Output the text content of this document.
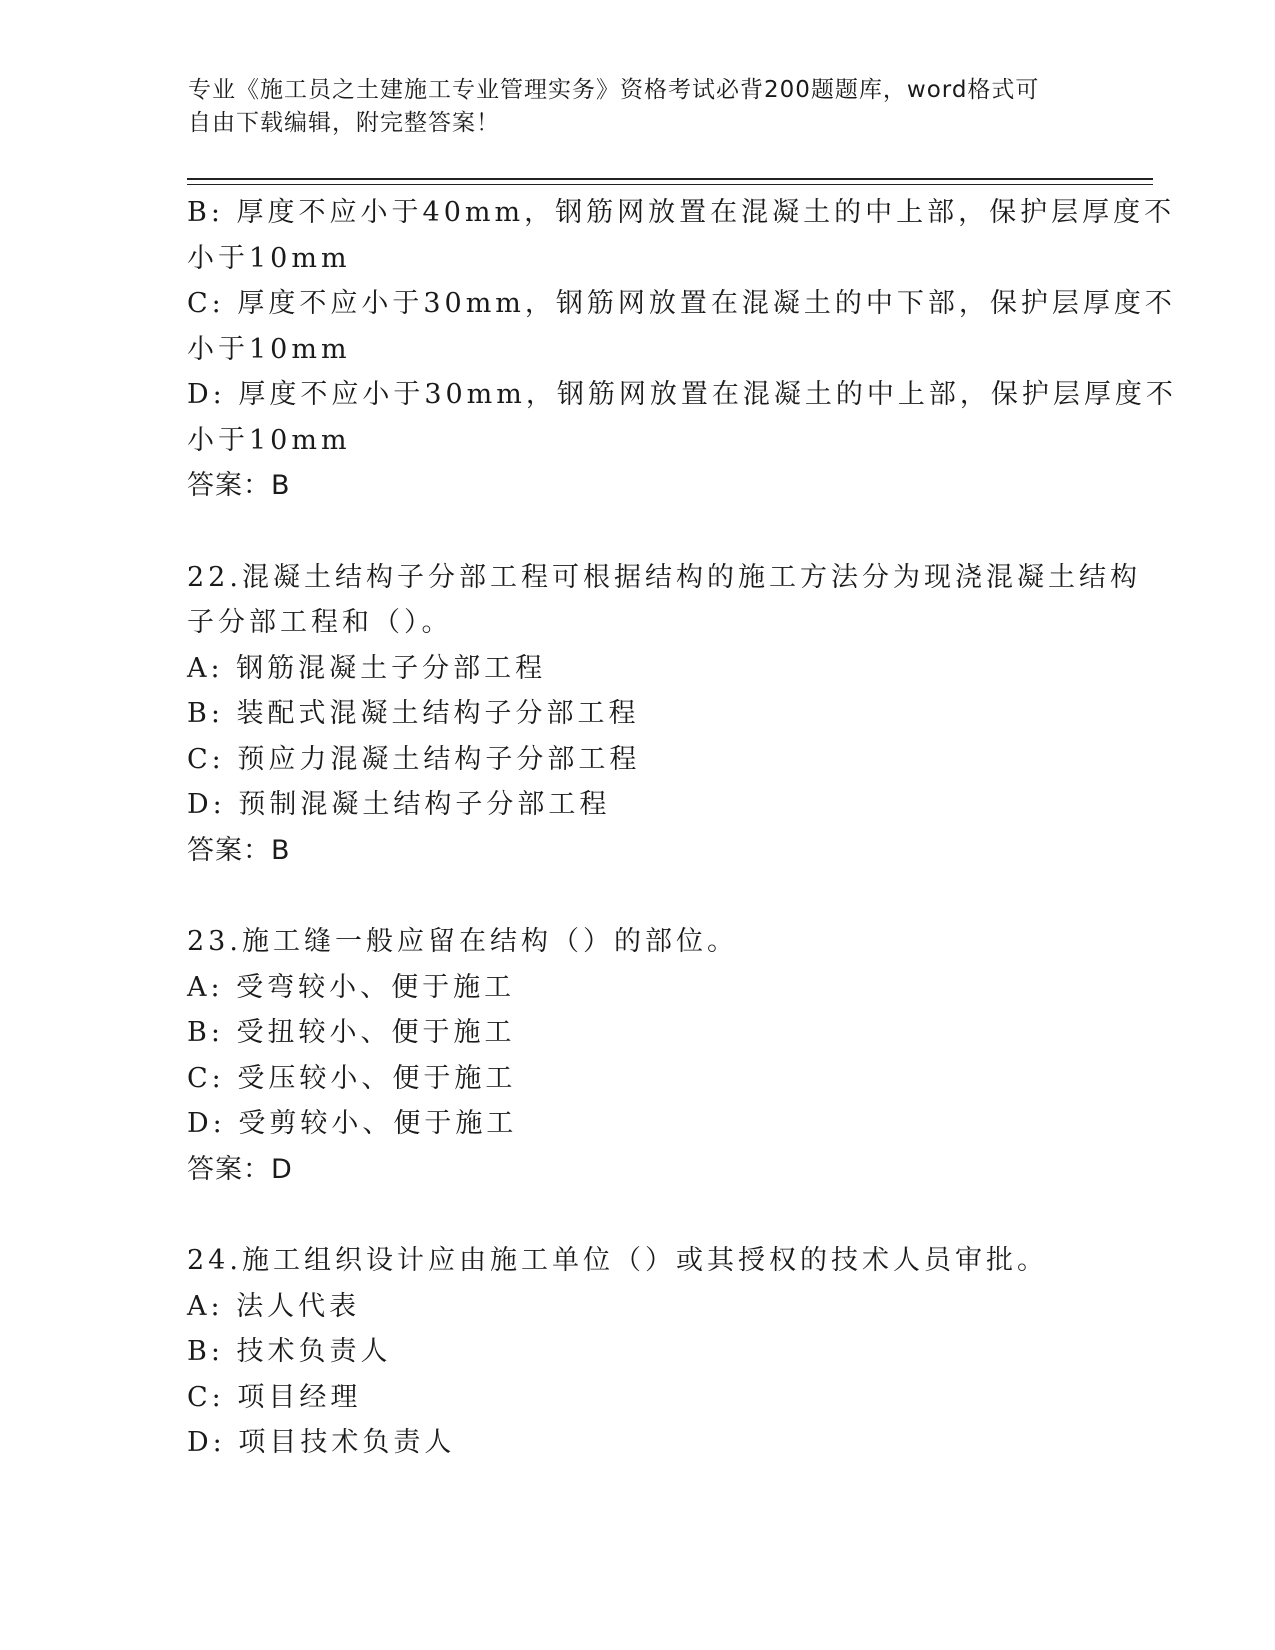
专业《施工员之土建施工专业管理实务》资格考试必背200题题库，word格式可
自由下载编辑，附完整答案！
B: 厚度不应小于40mm，钢筋网放置在混凝土的中上部，保护层厚度不
小于10mm
C: 厚度不应小于30mm，钢筋网放置在混凝土的中下部，保护层厚度不
小于10mm
D: 厚度不应小于30mm，钢筋网放置在混凝土的中上部，保护层厚度不
小于10mm
答案：B
22.混凝土结构子分部工程可根据结构的施工方法分为现浇混凝土结构
子分部工程和（）。
A: 钢筋混凝土子分部工程
B: 装配式混凝土结构子分部工程
C: 预应力混凝土结构子分部工程
D: 预制混凝土结构子分部工程
答案：B
23.施工缝一般应留在结构（）的部位。
A: 受弯较小、便于施工
B: 受扭较小、便于施工
C: 受压较小、便于施工
D: 受剪较小、便于施工
答案：D
24.施工组织设计应由施工单位（）或其授权的技术人员审批。
A: 法人代表
B: 技术负责人
C: 项目经理
D: 项目技术负责人
